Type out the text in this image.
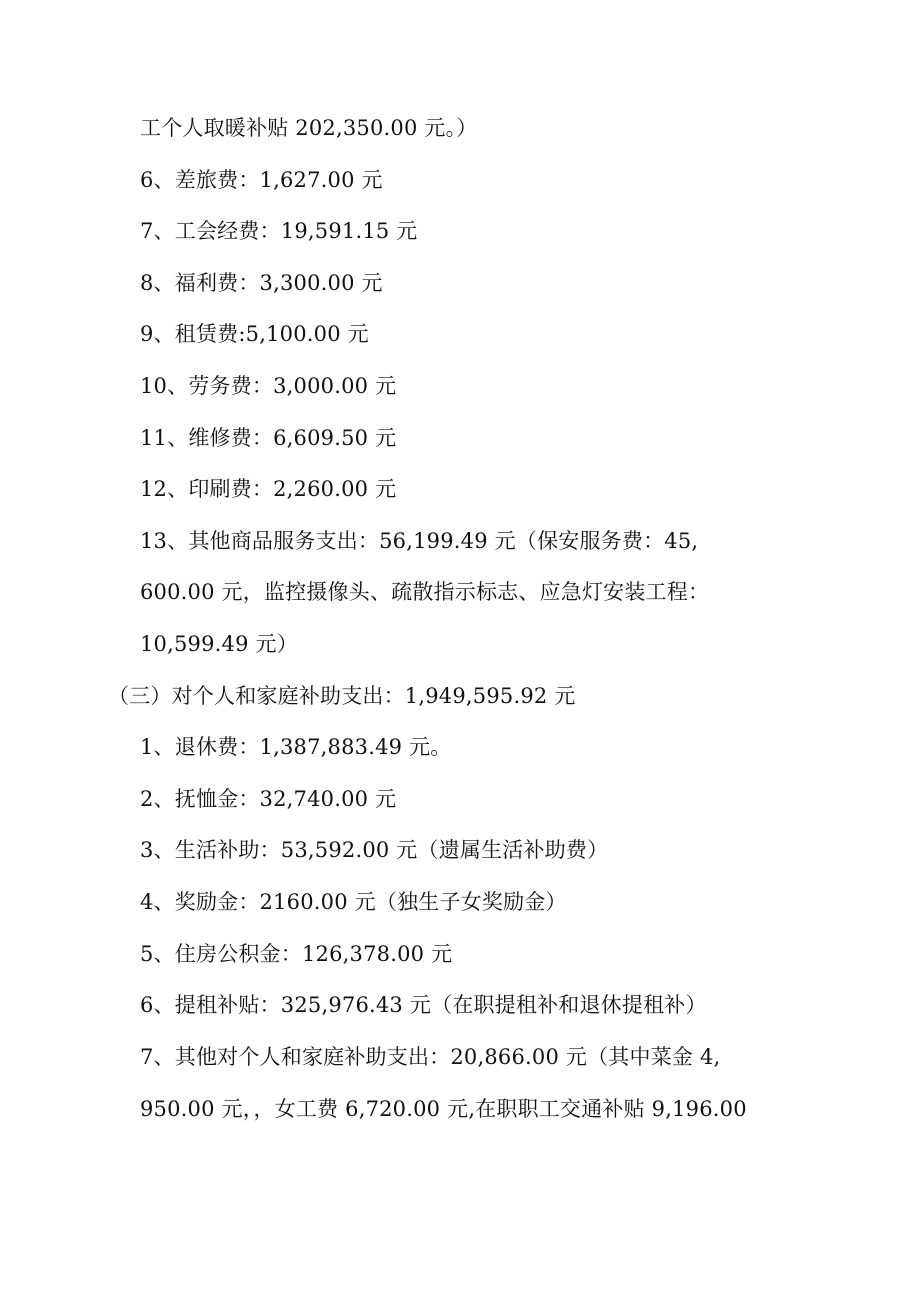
工个人取暖补贴 202,350.00 元。）
6、差旅费：1,627.00 元
7、工会经费：19,591.15 元
8、福利费：3,300.00 元
9、租赁费:5,100.00 元
10、劳务费：3,000.00 元
11、维修费：6,609.50 元
12、印刷费：2,260.00 元
13、其他商品服务支出：56,199.49 元（保安服务费：45,
600.00 元，监控摄像头、疏散指示标志、应急灯安装工程：
10,599.49 元）
（三）对个人和家庭补助支出：1,949,595.92 元
1、退休费：1,387,883.49 元。
2、抚恤金：32,740.00 元
3、生活补助：53,592.00 元（遗属生活补助费）
4、奖励金：2160.00 元（独生子女奖励金）
5、住房公积金：126,378.00 元
6、提租补贴：325,976.43 元（在职提租补和退休提租补）
7、其他对个人和家庭补助支出：20,866.00 元（其中菜金 4,
950.00 元，，女工费 6,720.00 元,在职职工交通补贴 9,196.00
